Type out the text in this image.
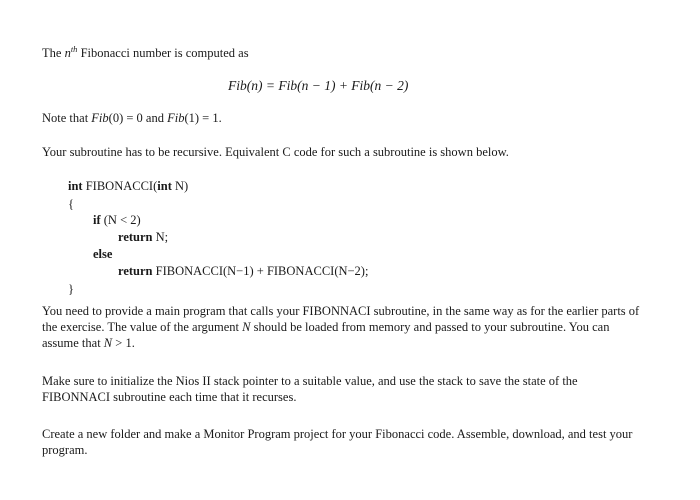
The $n^{th}$ Fibonacci number is computed as
Fib(n) = Fib(n − 1) + Fib(n − 2)
Note that Fib(0) = 0 and Fib(1) = 1.
Your subroutine has to be recursive. Equivalent C code for such a subroutine is shown below.
int FIBONACCI(int N)
{
if (N < 2)
return N;
else
return FIBONACCI(N−1) + FIBONACCI(N−2);
}
You need to provide a main program that calls your FIBONNACI subroutine, in the same way as for the earlier parts of the exercise. The value of the argument N should be loaded from memory and passed to your subroutine. You can assume that N > 1.
Make sure to initialize the Nios II stack pointer to a suitable value, and use the stack to save the state of the FIBONNACI subroutine each time that it recurses.
Create a new folder and make a Monitor Program project for your Fibonacci code. Assemble, download, and test your program.
